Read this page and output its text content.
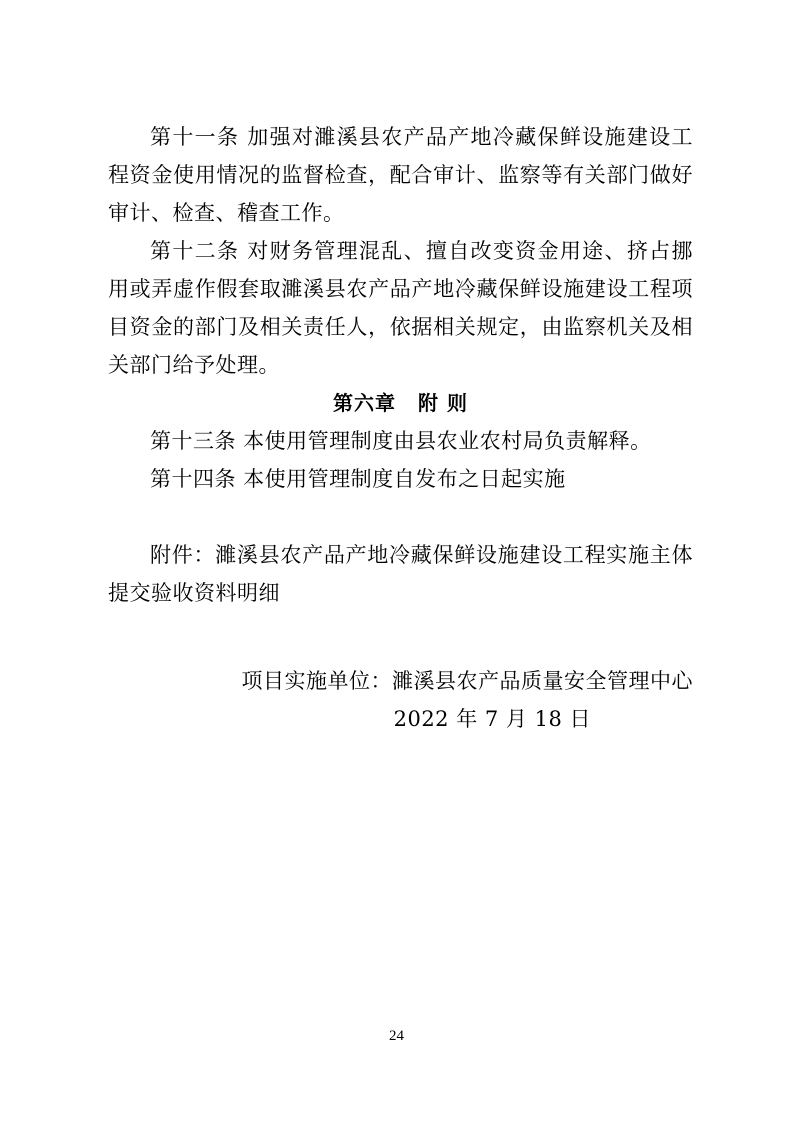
第十一条 加强对濉溪县农产品产地冷藏保鲜设施建设工程资金使用情况的监督检查，配合审计、监察等有关部门做好审计、检查、稽查工作。

第十二条 对财务管理混乱、擅自改变资金用途、挤占挪用或弄虚作假套取濉溪县农产品产地冷藏保鲜设施建设工程项目资金的部门及相关责任人，依据相关规定，由监察机关及相关部门给予处理。

第六章 附 则

第十三条 本使用管理制度由县农业农村局负责解释。

第十四条 本使用管理制度自发布之日起实施

附件：濉溪县农产品产地冷藏保鲜设施建设工程实施主体提交验收资料明细

项目实施单位：濉溪县农产品质量安全管理中心

2022 年 7 月 18 日

24
